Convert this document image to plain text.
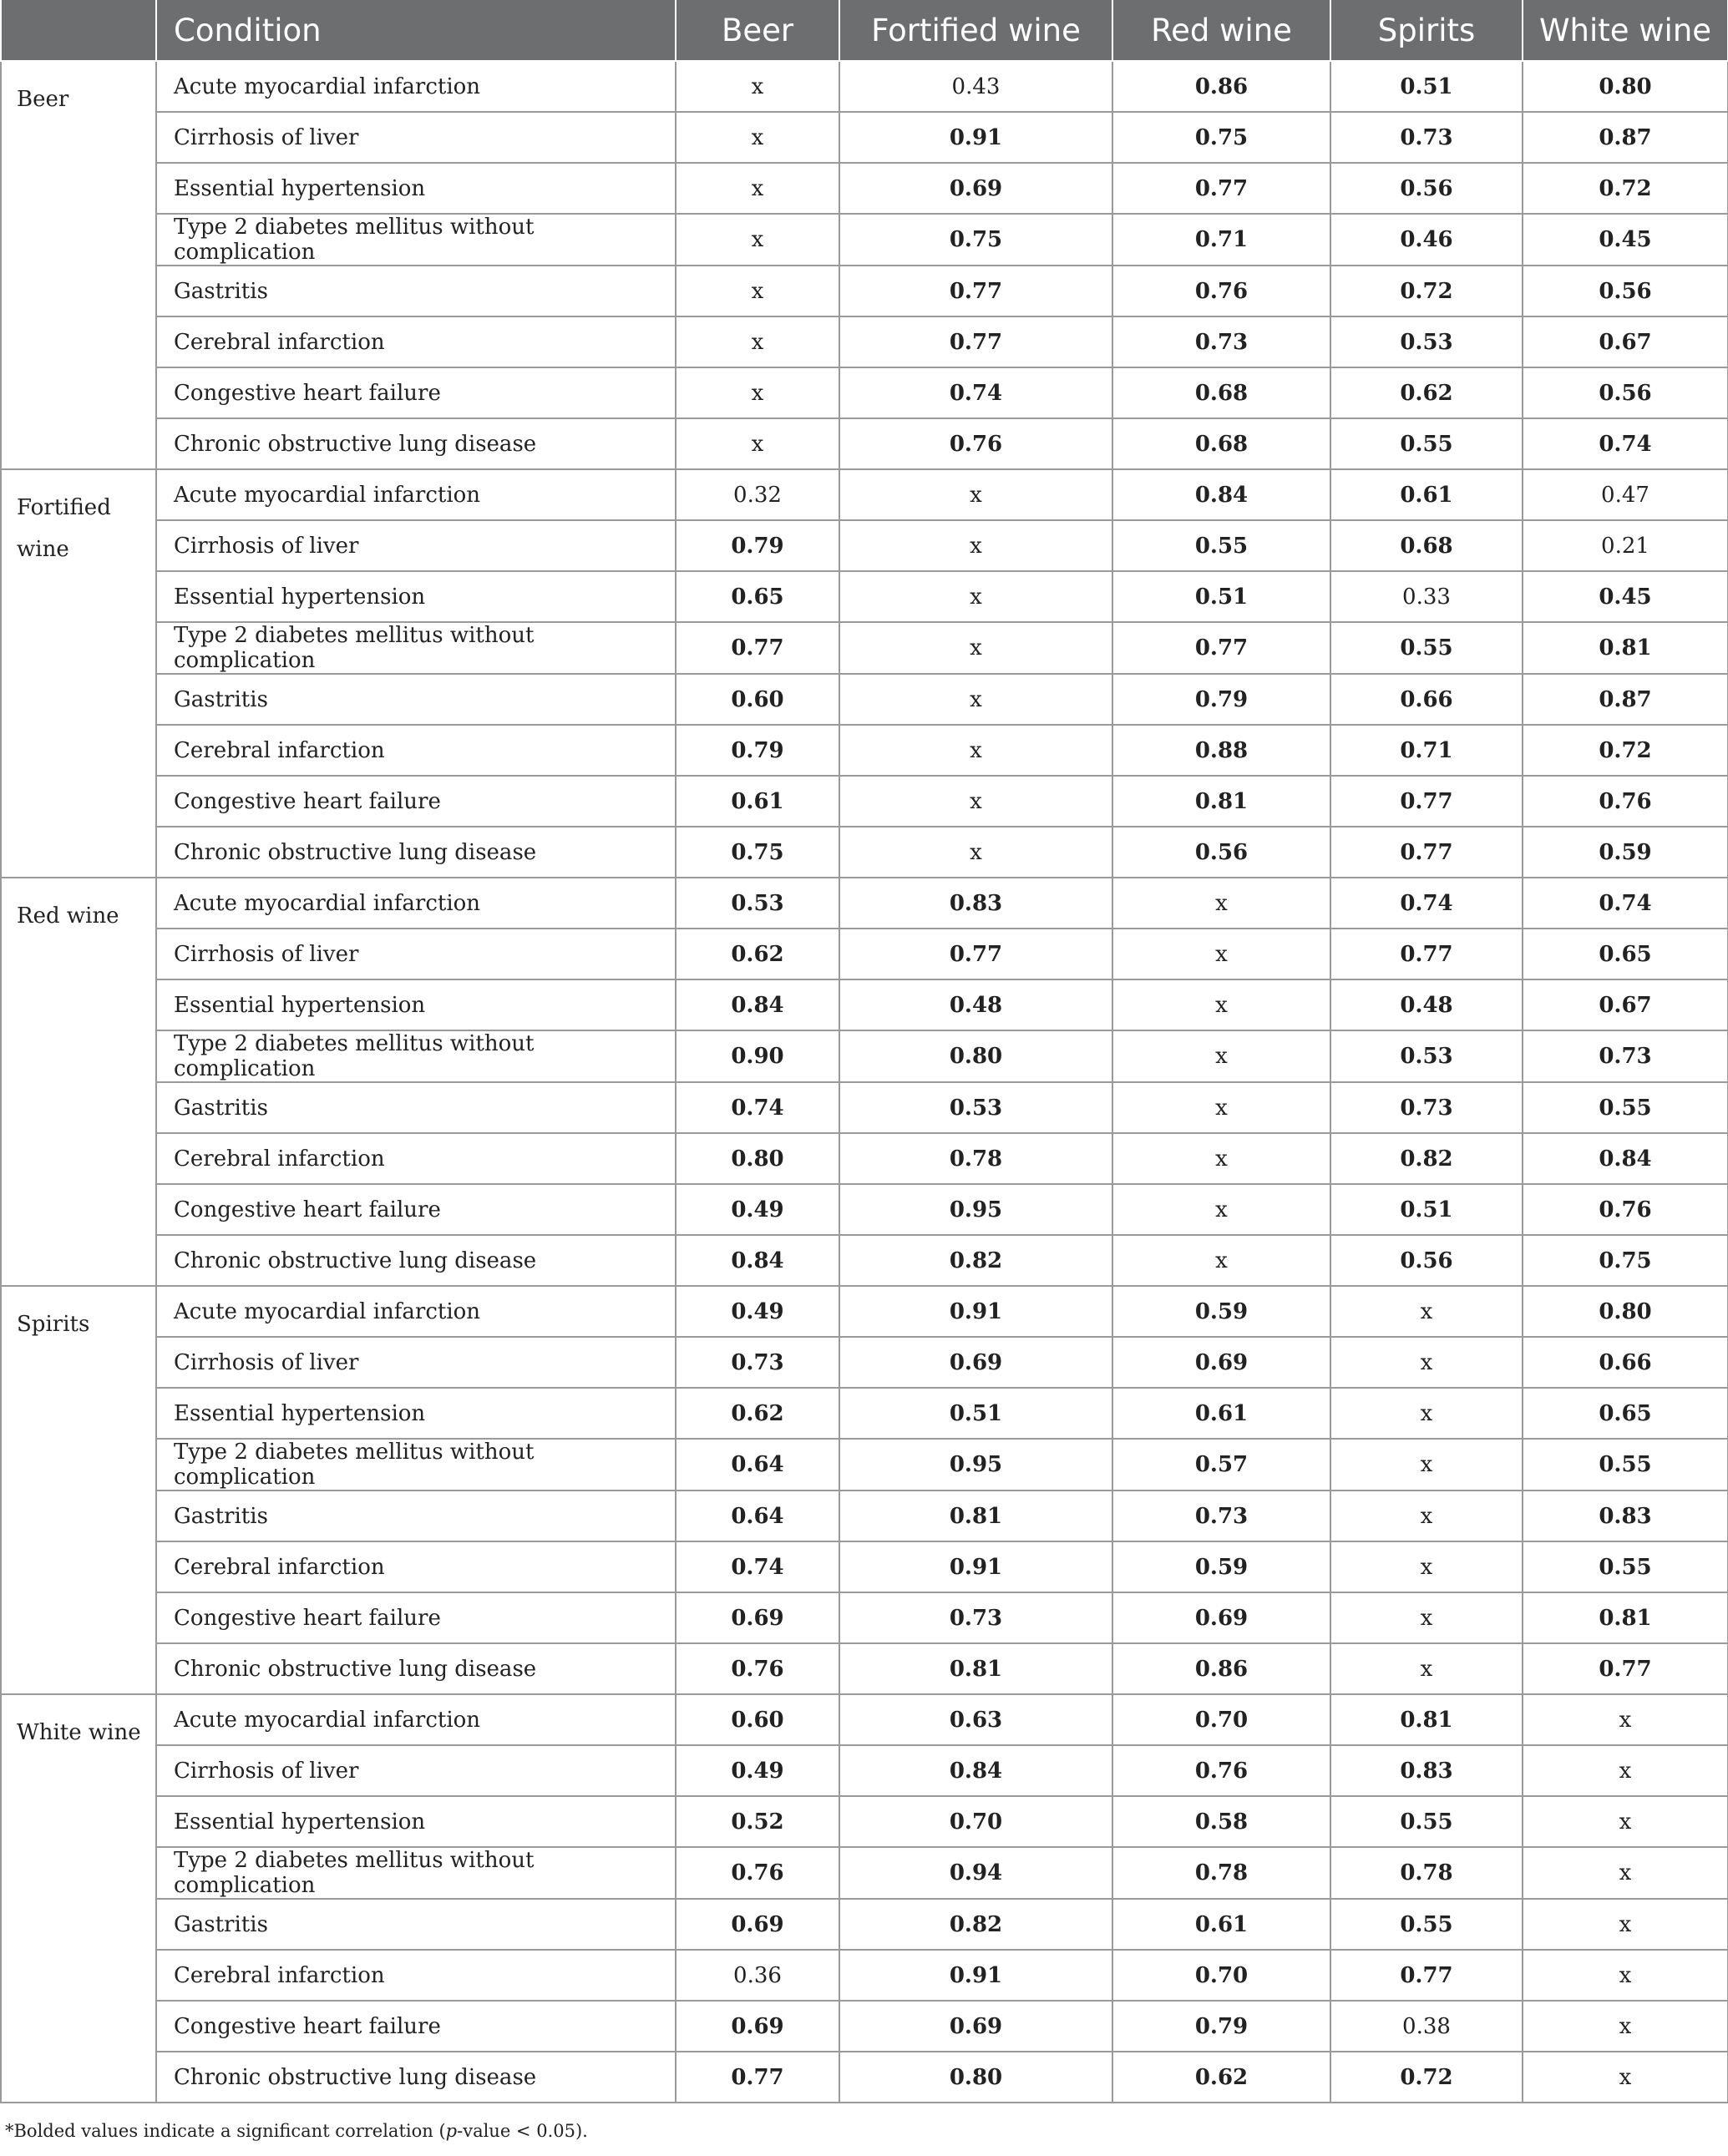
	Condition	Beer	Fortified wine	Red wine	Spirits	White wine
Beer	Acute myocardial infarction	x	0.43	0.86	0.51	0.80
	Cirrhosis of liver	x	0.91	0.75	0.73	0.87
	Essential hypertension	x	0.69	0.77	0.56	0.72
	Type 2 diabetes mellitus without complication	x	0.75	0.71	0.46	0.45
	Gastritis	x	0.77	0.76	0.72	0.56
	Cerebral infarction	x	0.77	0.73	0.53	0.67
	Congestive heart failure	x	0.74	0.68	0.62	0.56
	Chronic obstructive lung disease	x	0.76	0.68	0.55	0.74
Fortified wine	Acute myocardial infarction	0.32	x	0.84	0.61	0.47
	Cirrhosis of liver	0.79	x	0.55	0.68	0.21
	Essential hypertension	0.65	x	0.51	0.33	0.45
	Type 2 diabetes mellitus without complication	0.77	x	0.77	0.55	0.81
	Gastritis	0.60	x	0.79	0.66	0.87
	Cerebral infarction	0.79	x	0.88	0.71	0.72
	Congestive heart failure	0.61	x	0.81	0.77	0.76
	Chronic obstructive lung disease	0.75	x	0.56	0.77	0.59
Red wine	Acute myocardial infarction	0.53	0.83	x	0.74	0.74
	Cirrhosis of liver	0.62	0.77	x	0.77	0.65
	Essential hypertension	0.84	0.48	x	0.48	0.67
	Type 2 diabetes mellitus without complication	0.90	0.80	x	0.53	0.73
	Gastritis	0.74	0.53	x	0.73	0.55
	Cerebral infarction	0.80	0.78	x	0.82	0.84
	Congestive heart failure	0.49	0.95	x	0.51	0.76
	Chronic obstructive lung disease	0.84	0.82	x	0.56	0.75
Spirits	Acute myocardial infarction	0.49	0.91	0.59	x	0.80
	Cirrhosis of liver	0.73	0.69	0.69	x	0.66
	Essential hypertension	0.62	0.51	0.61	x	0.65
	Type 2 diabetes mellitus without complication	0.64	0.95	0.57	x	0.55
	Gastritis	0.64	0.81	0.73	x	0.83
	Cerebral infarction	0.74	0.91	0.59	x	0.55
	Congestive heart failure	0.69	0.73	0.69	x	0.81
	Chronic obstructive lung disease	0.76	0.81	0.86	x	0.77
White wine	Acute myocardial infarction	0.60	0.63	0.70	0.81	x
	Cirrhosis of liver	0.49	0.84	0.76	0.83	x
	Essential hypertension	0.52	0.70	0.58	0.55	x
	Type 2 diabetes mellitus without complication	0.76	0.94	0.78	0.78	x
	Gastritis	0.69	0.82	0.61	0.55	x
	Cerebral infarction	0.36	0.91	0.70	0.77	x
	Congestive heart failure	0.69	0.69	0.79	0.38	x
	Chronic obstructive lung disease	0.77	0.80	0.62	0.72	x
*Bolded values indicate a significant correlation (p-value < 0.05).
